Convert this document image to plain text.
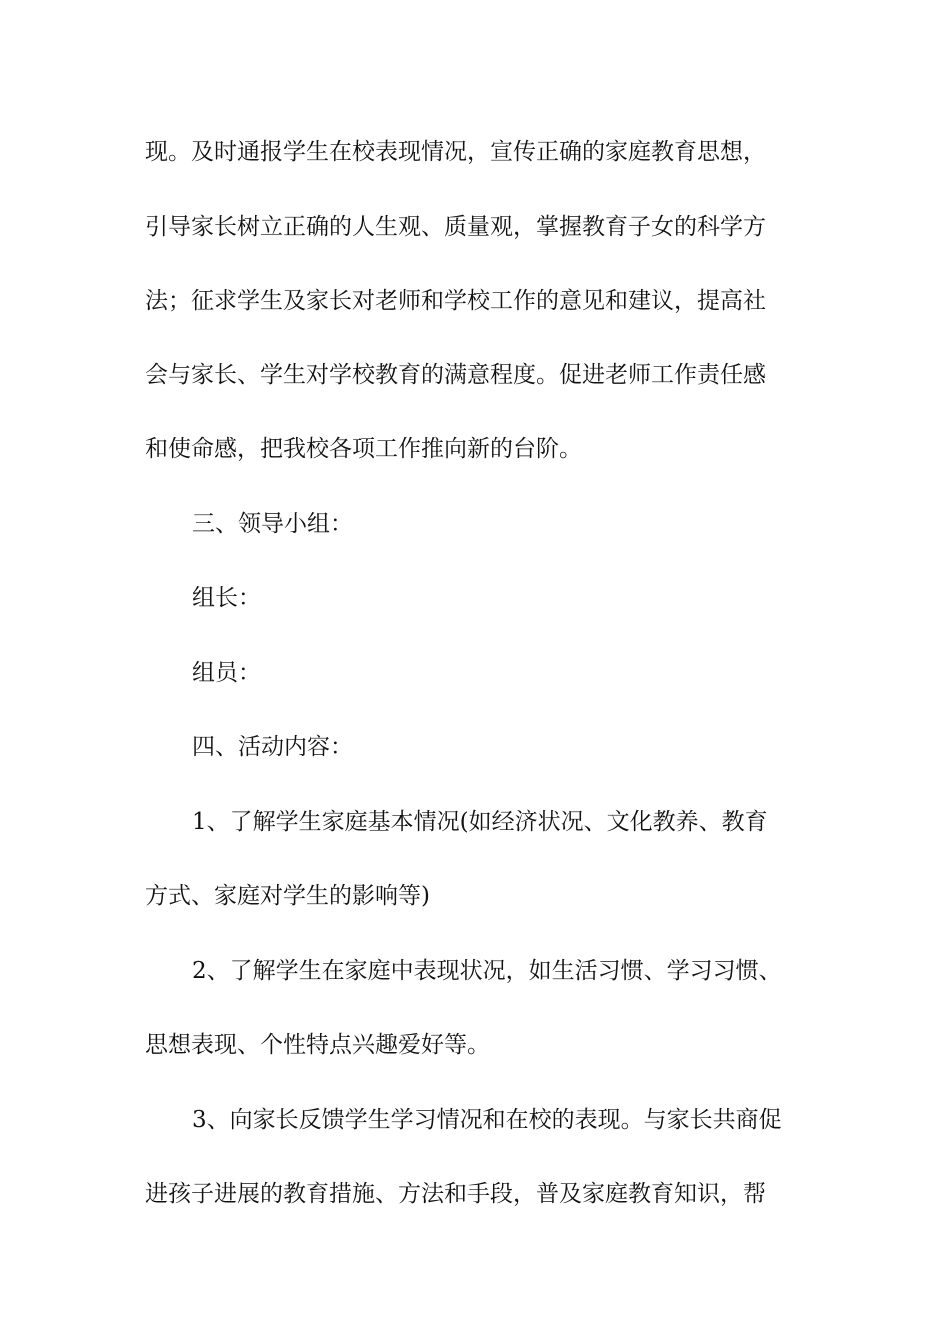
现。及时通报学生在校表现情况，宣传正确的家庭教育思想，
引导家长树立正确的人生观、质量观，掌握教育子女的科学方
法；征求学生及家长对老师和学校工作的意见和建议，提高社
会与家长、学生对学校教育的满意程度。促进老师工作责任感
和使命感，把我校各项工作推向新的台阶。
三、领导小组：
组长：
组员：
四、活动内容：
1、了解学生家庭基本情况(如经济状况、文化教养、教育
方式、家庭对学生的影响等)
2、了解学生在家庭中表现状况，如生活习惯、学习习惯、
思想表现、个性特点兴趣爱好等。
3、向家长反馈学生学习情况和在校的表现。与家长共商促
进孩子进展的教育措施、方法和手段，普及家庭教育知识，帮
